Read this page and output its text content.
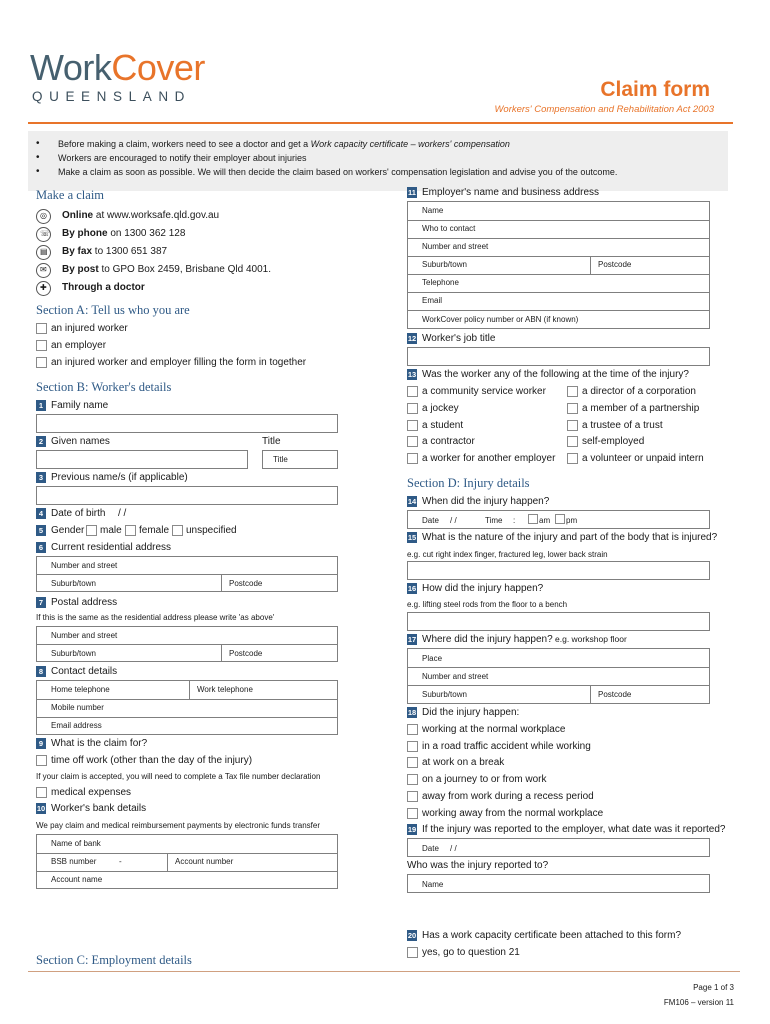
WorkCover
QUEENSLAND	Claim form
Workers' Compensation and Rehabilitation Act 2003
• Before making a claim, workers need to see a doctor and get a Work capacity certificate – workers' compensation
• Workers are encouraged to notify their employer about injuries
• Make a claim as soon as possible. We will then decide the claim based on workers' compensation legislation and advise you of the outcome.
Make a claim
◎ Online at www.worksafe.qld.gov.au
☏ By phone on 1300 362 128
▤ By fax to 1300 651 387
✉ By post to GPO Box 2459, Brisbane Qld 4001.
✚ Through a doctor
Section A: Tell us who you are
an injured worker
an employer
an injured worker and employer filling the form in together
Section B: Worker's details
1 Family name
2 Given names	Title
Title
3 Previous name/s (if applicable)
4 Date of birth / /
5 Gender male female unspecified
6 Current residential address
Number and street
Suburb/town	Postcode
7 Postal address
If this is the same as the residential address please write 'as above'
Number and street
Suburb/town	Postcode
8 Contact details
Home telephone	Work telephone
Mobile number
Email address
9 What is the claim for?
time off work (other than the day of the injury)
If your claim is accepted, you will need to complete a Tax file number declaration
medical expenses
10 Worker's bank details
We pay claim and medical reimbursement payments by electronic funds transfer
Name of bank
BSB number	-	Account number
Account name
Section C: Employment details
11 Employer's name and business address
Name
Who to contact
Number and street
Suburb/town	Postcode
Telephone
Email
WorkCover policy number or ABN (if known)
12 Worker's job title
13 Was the worker any of the following at the time of the injury?
a community service worker
a jockey
a student
a contractor
a worker for another employer
a director of a corporation
a member of a partnership
a trustee of a trust
self-employed
a volunteer or unpaid intern
Section D: Injury details
14 When did the injury happen?
Date / /	Time :	am pm
15 What is the nature of the injury and part of the body that is injured?
e.g. cut right index finger, fractured leg, lower back strain
16 How did the injury happen?
e.g. lifting steel rods from the floor to a bench
17 Where did the injury happen? e.g. workshop floor
Place
Number and street
Suburb/town	Postcode
18 Did the injury happen:
working at the normal workplace
in a road traffic accident while working
at work on a break
on a journey to or from work
away from work during a recess period
working away from the normal workplace
19 If the injury was reported to the employer, what date was it reported?
Date / /
Who was the injury reported to?
Name
20 Has a work capacity certificate been attached to this form?
yes, go to question 21
Page 1 of 3
FM106 – version 11
